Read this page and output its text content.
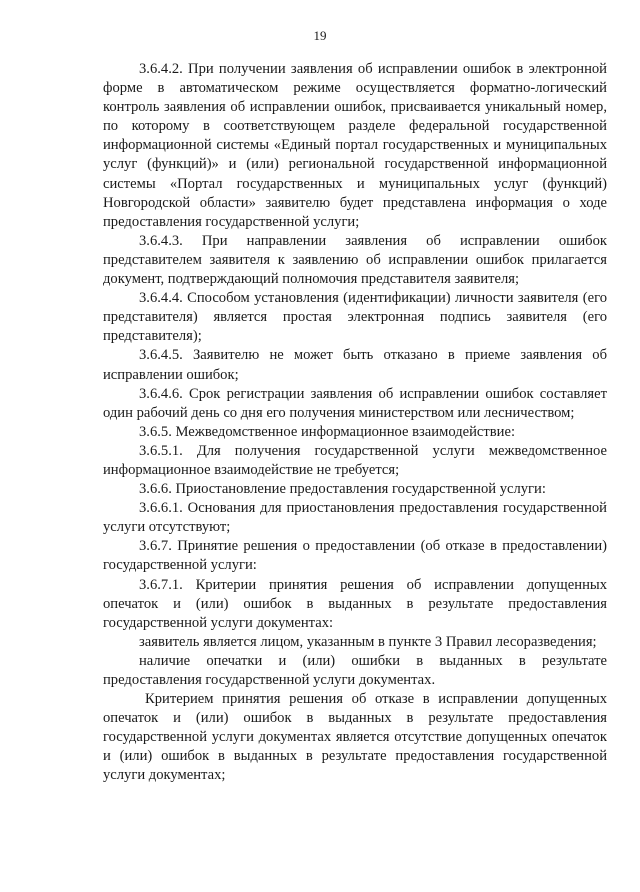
19

3.6.4.2. При получении заявления об исправлении ошибок в электронной форме в автоматическом режиме осуществляется форматно-логический контроль заявления об исправлении ошибок, присваивается уникальный номер, по которому в соответствующем разделе федеральной государственной информационной системы «Единый портал государственных и муниципальных услуг (функций)» и (или) региональной государственной информационной системы «Портал государственных и муниципальных услуг (функций) Новгородской области» заявителю будет представлена информация о ходе предоставления государственной услуги;

3.6.4.3. При направлении заявления об исправлении ошибок представителем заявителя к заявлению об исправлении ошибок прилагается документ, подтверждающий полномочия представителя заявителя;

3.6.4.4. Способом установления (идентификации) личности заявителя (его представителя) является простая электронная подпись заявителя (его представителя);

3.6.4.5. Заявителю не может быть отказано в приеме заявления об исправлении ошибок;

3.6.4.6. Срок регистрации заявления об исправлении ошибок составляет один рабочий день со дня его получения министерством или лесничеством;

3.6.5. Межведомственное информационное взаимодействие:

3.6.5.1. Для получения государственной услуги межведомственное информационное взаимодействие не требуется;

3.6.6. Приостановление предоставления государственной услуги:

3.6.6.1. Основания для приостановления предоставления государственной услуги отсутствуют;

3.6.7. Принятие решения о предоставлении (об отказе в предоставлении) государственной услуги:

3.6.7.1. Критерии принятия решения об исправлении допущенных опечаток и (или) ошибок в выданных в результате предоставления государственной услуги документах:

заявитель является лицом, указанным в пункте 3 Правил лесоразведения;

наличие опечатки и (или) ошибки в выданных в результате предоставления государственной услуги документах.

Критерием принятия решения об отказе в исправлении допущенных опечаток и (или) ошибок в выданных в результате предоставления государственной услуги документах является отсутствие допущенных опечаток и (или) ошибок в выданных в результате предоставления государственной услуги документах;
